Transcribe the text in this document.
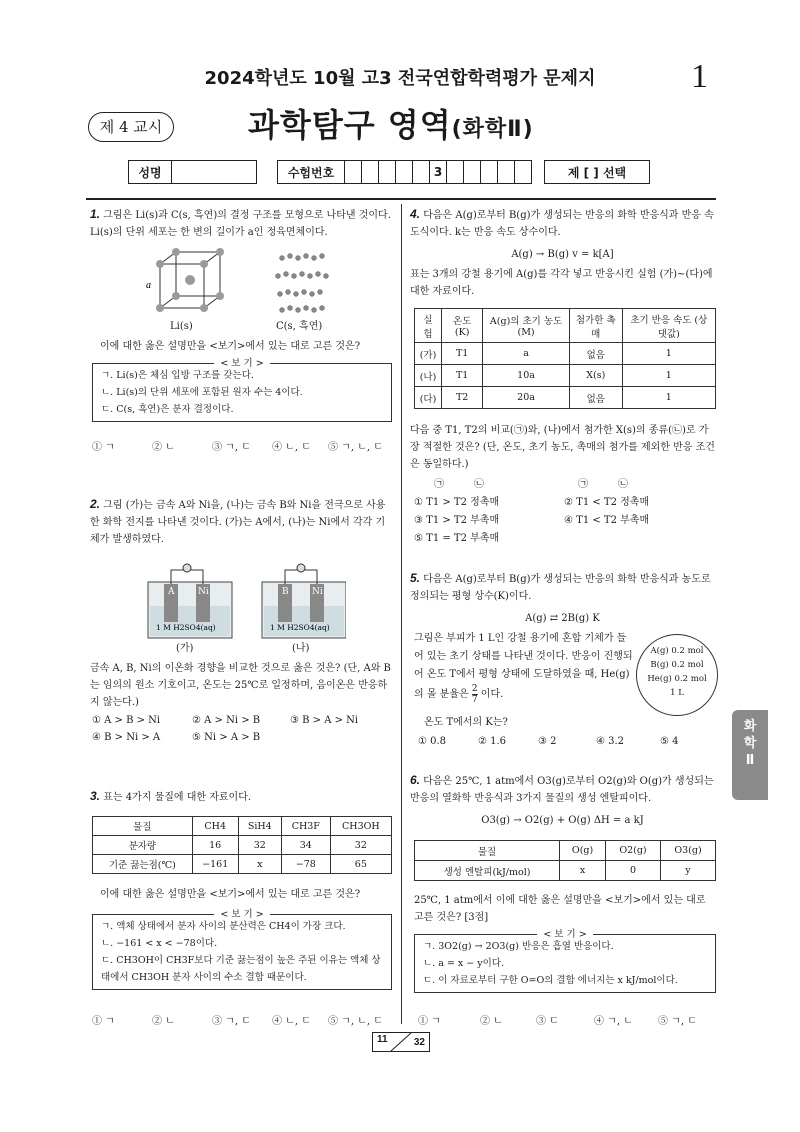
2024학년도 10월 고3 전국연합학력평가 문제지	1
제 4 교시	과학탐구 영역(화학Ⅱ)
성명			수험번호						3							제 [ ] 선택
1. 그림은 Li(s)과 C(s, 흑연)의 결정 구조를 모형으로 나타낸 것이다. Li(s)의 단위 세포는 한 변의 길이가 a인 정육면체이다.
a
Li(s)	C(s, 흑연)
이에 대한 옳은 설명만을 <보기>에서 있는 대로 고른 것은?
< 보 기 >
ㄱ. Li(s)은 체심 입방 구조를 갖는다.
ㄴ. Li(s)의 단위 세포에 포함된 원자 수는 4이다.
ㄷ. C(s, 흑연)은 분자 결정이다.
① ㄱ	② ㄴ	③ ㄱ, ㄷ ④ ㄴ, ㄷ ⑤ ㄱ, ㄴ, ㄷ
2. 그림 (가)는 금속 A와 Ni을, (나)는 금속 B와 Ni을 전극으로 사용한 화학 전지를 나타낸 것이다. (가)는 A에서, (나)는 Ni에서 각각 기체가 발생하였다.
A	Ni	B	Ni
1 M H2SO4(aq)	1 M H2SO4(aq)
(가)	(나)
금속 A, B, Ni의 이온화 경향을 비교한 것으로 옳은 것은? (단, A와 B는 임의의 원소 기호이고, 온도는 25℃로 일정하며, 음이온은 반응하지 않는다.)
① A > B > Ni	② A > Ni > B	③ B > A > Ni
④ B > Ni > A	⑤ Ni > A > B
3. 표는 4가지 물질에 대한 자료이다.
물질	CH4	SiH4	CH3F	CH3OH
분자량	16	32	34	32
기준 끓는점(℃)	−161	x	−78	65
이에 대한 옳은 설명만을 <보기>에서 있는 대로 고른 것은?
< 보 기 >
ㄱ. 액체 상태에서 분자 사이의 분산력은 CH4이 가장 크다.
ㄴ. −161 < x < −78이다.
ㄷ. CH3OH이 CH3F보다 기준 끓는점이 높은 주된 이유는 액체 상태에서 CH3OH 분자 사이의 수소 결합 때문이다.
① ㄱ	② ㄴ	③ ㄱ, ㄷ ④ ㄴ, ㄷ ⑤ ㄱ, ㄴ, ㄷ
4. 다음은 A(g)로부터 B(g)가 생성되는 반응의 화학 반응식과 반응 속도식이다. k는 반응 속도 상수이다.
A(g) → B(g) v = k[A]
표는 3개의 강철 용기에 A(g)를 각각 넣고 반응시킨 실험 (가)~(다)에 대한 자료이다.
실험	온도 (K)	A(g)의 초기 농도(M)	첨가한 촉매	초기 반응 속도 (상댓값)
(가)	T1	a	없음	1
(나)	T1	10a	X(s)	1
(다)	T2	20a	없음	1
다음 중 T1, T2의 비교(㉠)와, (나)에서 첨가한 X(s)의 종류(㉡)로 가장 적절한 것은? (단, 온도, 초기 농도, 촉매의 첨가를 제외한 반응 조건은 동일하다.)
㉠	㉡	㉠	㉡
① T1 > T2 정촉매	② T1 < T2 정촉매
③ T1 > T2 부촉매	④ T1 < T2 부촉매
⑤ T1 = T2 부촉매
5. 다음은 A(g)로부터 B(g)가 생성되는 반응의 화학 반응식과 농도로 정의되는 평형 상수(K)이다.
A(g) ⇄ 2B(g) K
그림은 부피가 1 L인 강철 용기에 혼합 기체가 들어 있는 초기 상태를 나타낸 것이다. 반응이 진행되어 온도 T에서 평형 상태에 도달하였을 때, He(g)의 몰 분율은 $\frac{2}{7}$ 이다.
A(g) 0.2 mol
B(g) 0.2 mol
He(g) 0.2 mol
1 L
온도 T에서의 K는?
① 0.8	② 1.6	③ 2	④ 3.2	⑤ 4
6. 다음은 25℃, 1 atm에서 O3(g)로부터 O2(g)와 O(g)가 생성되는 반응의 열화학 반응식과 3가지 물질의 생성 엔탈피이다.
O3(g) → O2(g) + O(g) ΔH = a kJ
물질	O(g)	O2(g)	O3(g)
생성 엔탈피(kJ/mol)	x	0	y
25℃, 1 atm에서 이에 대한 옳은 설명만을 <보기>에서 있는 대로 고른 것은? [3점]
< 보 기 >
ㄱ. 3O2(g) → 2O3(g) 반응은 흡열 반응이다.
ㄴ. a = x − y이다.
ㄷ. 이 자료로부터 구한 O=O의 결합 에너지는 x kJ/mol이다.
① ㄱ	② ㄴ	③ ㄷ	④ ㄱ, ㄴ	⑤ ㄱ, ㄷ
화
학
Ⅱ
11	32
